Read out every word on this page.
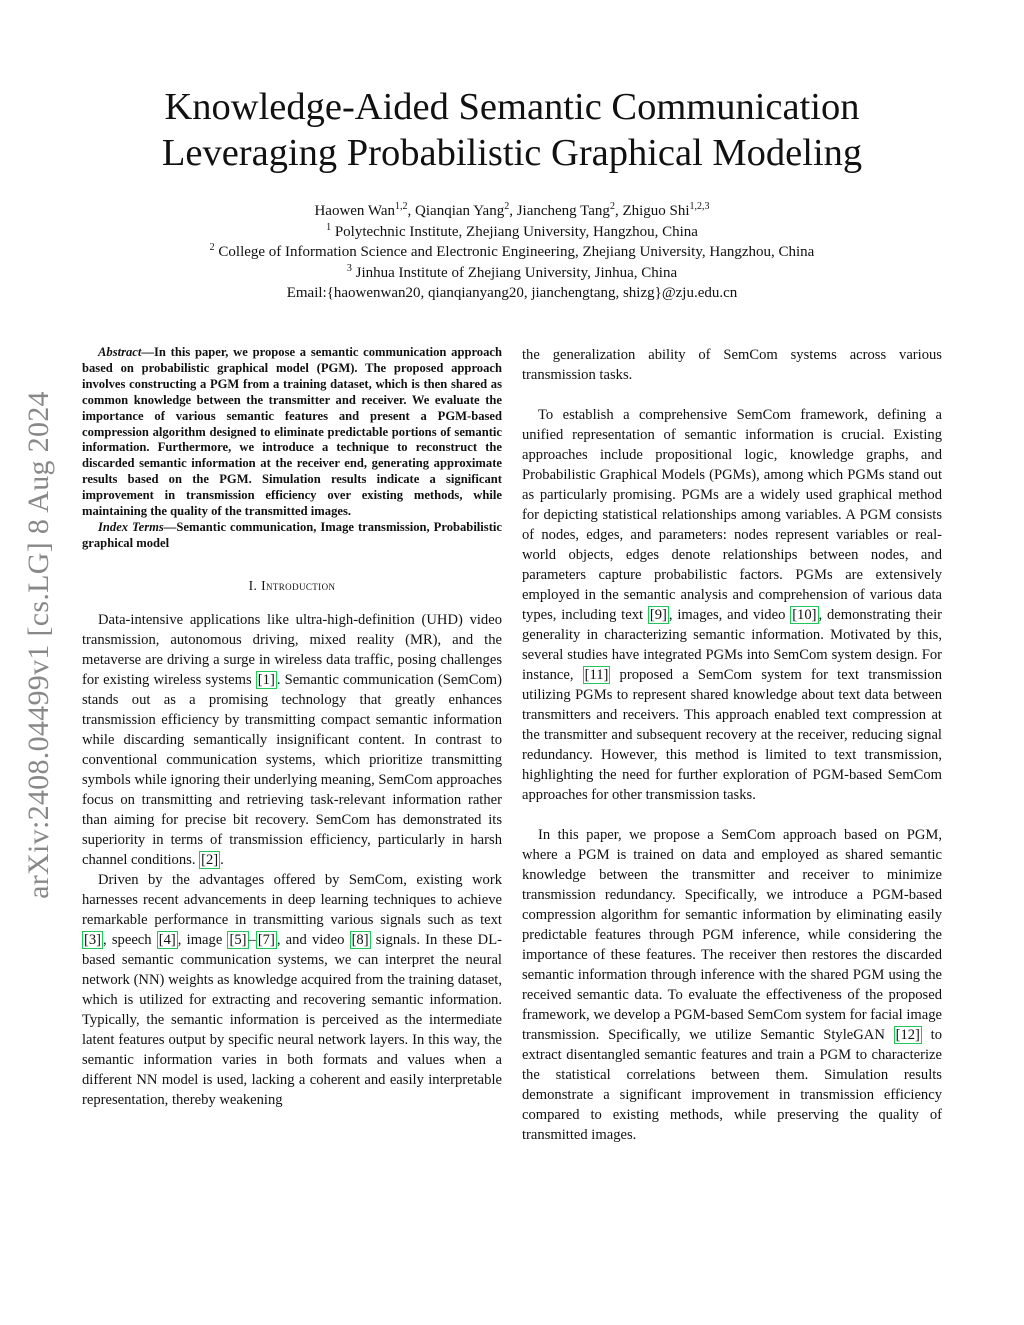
arXiv:2408.04499v1 [cs.LG] 8 Aug 2024
Knowledge-Aided Semantic Communication
Leveraging Probabilistic Graphical Modeling
Haowen Wan$^{1,2}$, Qianqian Yang$^2$, Jiancheng Tang$^2$, Zhiguo Shi$^{1,2,3}$
$^1$ Polytechnic Institute, Zhejiang University, Hangzhou, China
$^2$ College of Information Science and Electronic Engineering, Zhejiang University, Hangzhou, China
$^3$ Jinhua Institute of Zhejiang University, Jinhua, China
Email:{haowenwan20, qianqianyang20, jianchengtang, shizg}@zju.edu.cn

Abstract—In this paper, we propose a semantic communication approach based on probabilistic graphical model (PGM). The proposed approach involves constructing a PGM from a training dataset, which is then shared as common knowledge between the transmitter and receiver. We evaluate the importance of various semantic features and present a PGM-based compression algorithm designed to eliminate predictable portions of semantic information. Furthermore, we introduce a technique to reconstruct the discarded semantic information at the receiver end, generating approximate results based on the PGM. Simulation results indicate a significant improvement in transmission efficiency over existing methods, while maintaining the quality of the transmitted images.

Index Terms—Semantic communication, Image transmission, Probabilistic graphical model

I. Introduction

Data-intensive applications like ultra-high-definition (UHD) video transmission, autonomous driving, mixed reality (MR), and the metaverse are driving a surge in wireless data traffic, posing challenges for existing wireless systems [1] . Semantic communication (SemCom) stands out as a promising technology that greatly enhances transmission efficiency by transmitting compact semantic information while discarding semantically insignificant content. In contrast to conventional communication systems, which prioritize transmitting symbols while ignoring their underlying meaning, SemCom approaches focus on transmitting and retrieving task-relevant information rather than aiming for precise bit recovery. SemCom has demonstrated its superiority in terms of transmission efficiency, particularly in harsh channel conditions. [2] .

Driven by the advantages offered by SemCom, existing work harnesses recent advancements in deep learning techniques to achieve remarkable performance in transmitting various signals such as text [3] , speech [4] , image [5] – [7] , and video [8] signals. In these DL-based semantic communication systems, we can interpret the neural network (NN) weights as knowledge acquired from the training dataset, which is utilized for extracting and recovering semantic information. Typically, the semantic information is perceived as the intermediate latent features output by specific neural network layers. In this way, the semantic information varies in both formats and values when a different NN model is used, lacking a coherent and easily interpretable representation, thereby weakening

the generalization ability of SemCom systems across various transmission tasks.

To establish a comprehensive SemCom framework, defining a unified representation of semantic information is crucial. Existing approaches include propositional logic, knowledge graphs, and Probabilistic Graphical Models (PGMs), among which PGMs stand out as particularly promising. PGMs are a widely used graphical method for depicting statistical relationships among variables. A PGM consists of nodes, edges, and parameters: nodes represent variables or real-world objects, edges denote relationships between nodes, and parameters capture probabilistic factors. PGMs are extensively employed in the semantic analysis and comprehension of various data types, including text [9] , images, and video [10] , demonstrating their generality in characterizing semantic information. Motivated by this, several studies have integrated PGMs into SemCom system design. For instance, [11] proposed a SemCom system for text transmission utilizing PGMs to represent shared knowledge about text data between transmitters and receivers. This approach enabled text compression at the transmitter and subsequent recovery at the receiver, reducing signal redundancy. However, this method is limited to text transmission, highlighting the need for further exploration of PGM-based SemCom approaches for other transmission tasks.

In this paper, we propose a SemCom approach based on PGM, where a PGM is trained on data and employed as shared semantic knowledge between the transmitter and receiver to minimize transmission redundancy. Specifically, we introduce a PGM-based compression algorithm for semantic information by eliminating easily predictable features through PGM inference, while considering the importance of these features. The receiver then restores the discarded semantic information through inference with the shared PGM using the received semantic data. To evaluate the effectiveness of the proposed framework, we develop a PGM-based SemCom system for facial image transmission. Specifically, we utilize Semantic StyleGAN [12] to extract disentangled semantic features and train a PGM to characterize the statistical correlations between them. Simulation results demonstrate a significant improvement in transmission efficiency compared to existing methods, while preserving the quality of transmitted images.
